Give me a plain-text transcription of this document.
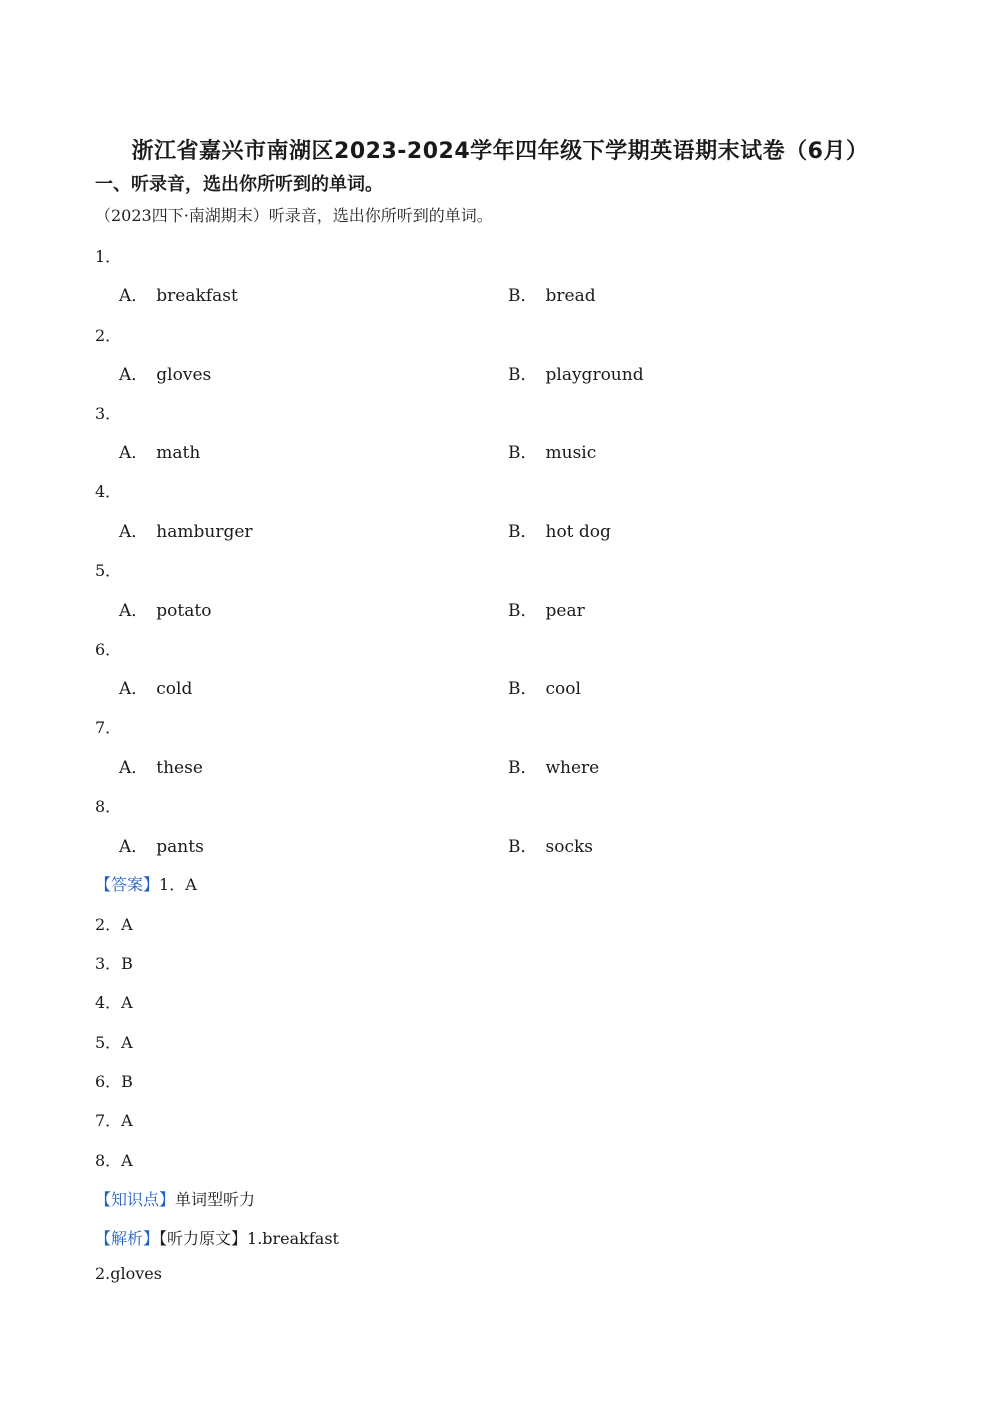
浙江省嘉兴市南湖区2023-2024学年四年级下学期英语期末试卷（6月）
一、听录音，选出你所听到的单词。
（2023四下·南湖期末）听录音，选出你所听到的单词。
1．
A． breakfast	B． bread
2．
A． gloves	B． playground
3．
A． math	B． music
4．
A． hamburger	B． hot dog
5．
A． potato	B． pear
6．
A． cold	B． cool
7．
A． these	B． where
8．
A． pants	B． socks
【答案】1．A
2．A
3．B
4．A
5．A
6．B
7．A
8．A
【知识点】单词型听力
【解析】【听力原文】1.breakfast
2.gloves
